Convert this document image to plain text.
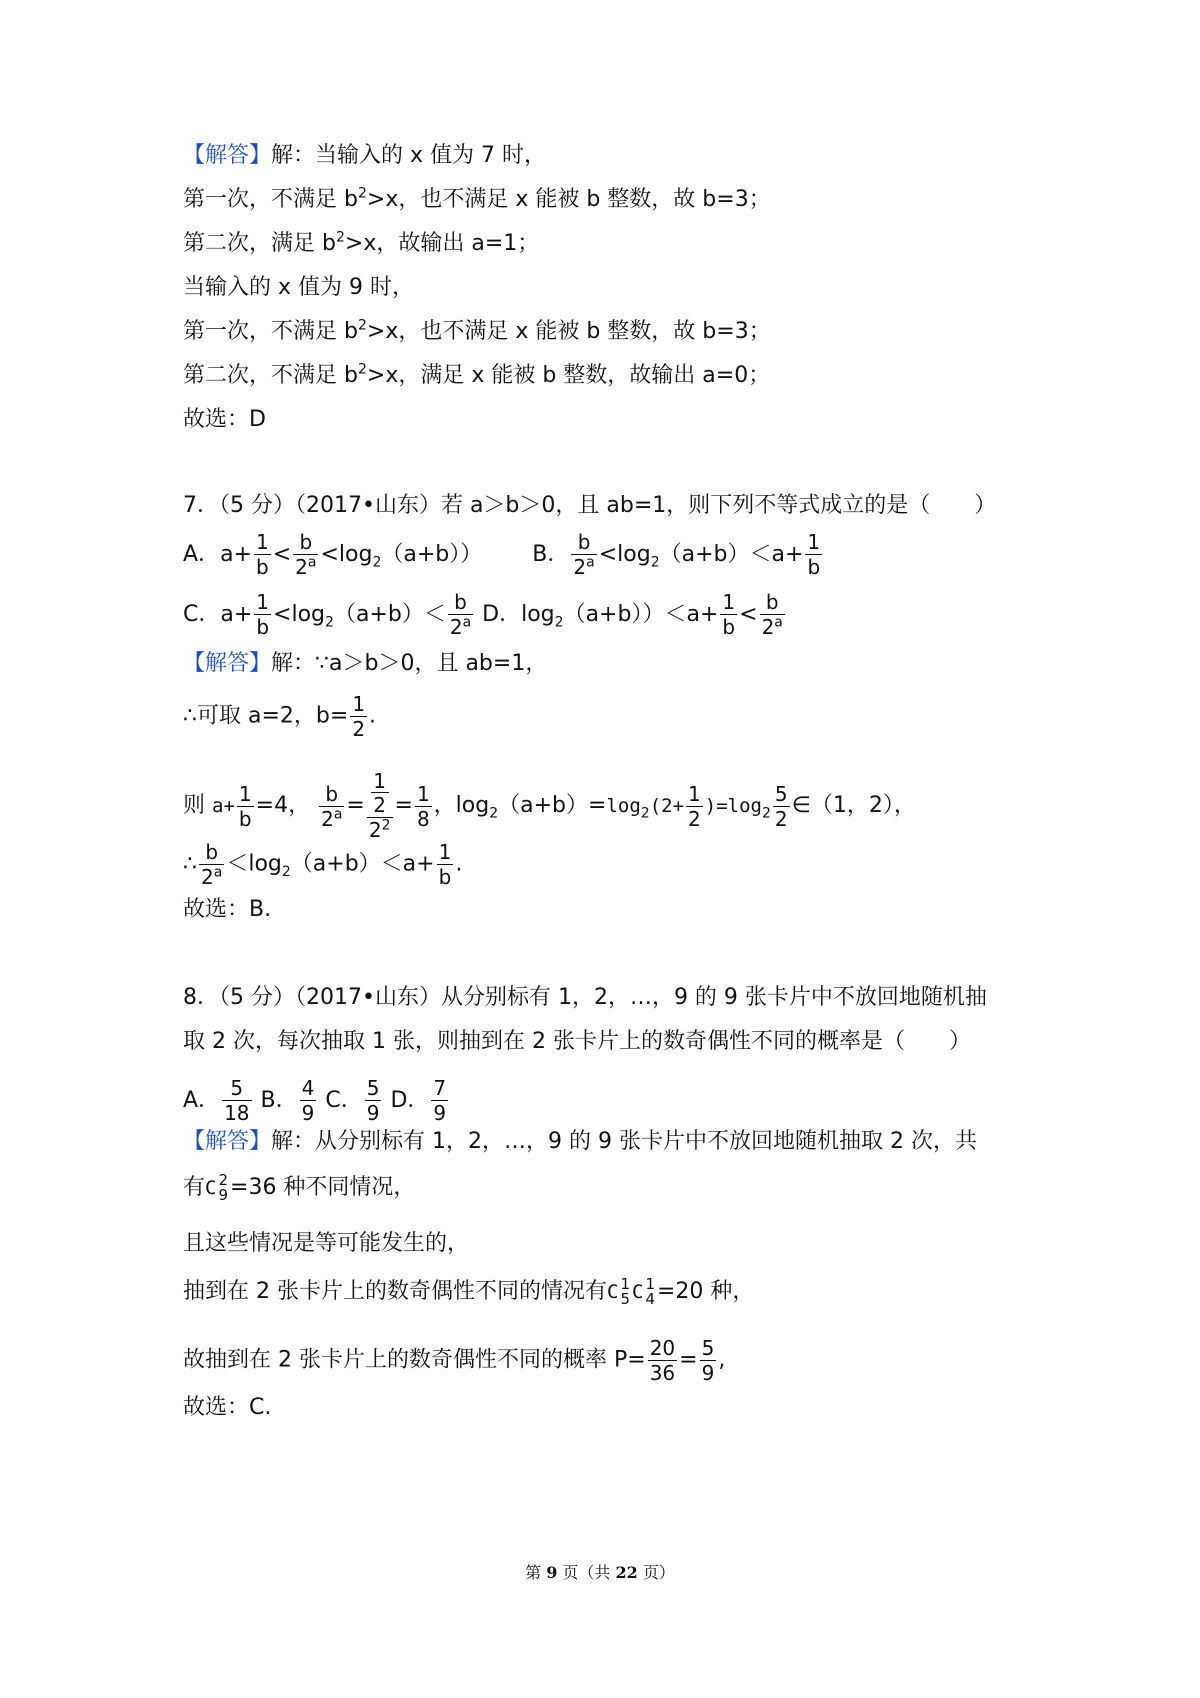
【解答】解：当输入的 x 值为 7 时，
第一次，不满足 $b^2>x$，也不满足 x 能被 b 整数，故 b=3；
第二次，满足 $b^2>x$，故输出 a=1；
当输入的 x 值为 9 时，
第一次，不满足 $b^2>x$，也不满足 x 能被 b 整数，故 b=3；
第二次，不满足 $b^2>x$，满足 x 能被 b 整数，故输出 a=0；
故选：D
7．（5 分）（2017•山东）若 a＞b＞0，且 ab=1，则下列不等式成立的是（　　）
A．$a+ \frac{1}{b} < \frac{b}{2^a} <\log_2(a+b)$） B． $\frac{b}{2^a} <\log_2(a+b)<a+ \frac{1}{b}$
C．$a+ \frac{1}{b} <\log_2(a+b)< \frac{b}{2^a}$ D．$\log_2(a+b))<a+ \frac{1}{b} < \frac{b}{2^a}$
【解答】解：∵a＞b＞0，且 ab=1，
∴可取 a=2，$b= \frac{1}{2}$ .
则 $a+ \frac{1}{b} =4$， $\frac{b}{2^a} = 1$
2
$2^2 = \frac{1}{8}$ ，$\log_2(a+b)=\log_2(2+ \frac{1}{2} )=\log_2 \frac{5}{2}$ ∈（1，2），
∴ $\frac{b}{2^a} <\log_2(a+b)<a+ \frac{1}{b}$ .
故选：B.
8．（5 分）（2017•山东）从分别标有 1，2，…，9 的 9 张卡片中不放回地随机抽
取 2 次，每次抽取 1 张，则抽到在 2 张卡片上的数奇偶性不同的概率是（　　）
A． $\frac{5}{18}$ B． $\frac{4}{9}$ C． $\frac{5}{9}$ D． $\frac{7}{9}$
【解答】解：从分别标有 1，2，…，9 的 9 张卡片中不放回地随机抽取 2 次，共
有C 2
9 =36 种不同情况，
且这些情况是等可能发生的，
抽到在 2 张卡片上的数奇偶性不同的情况有C 1
5 C 1
4 =20 种，
故抽到在 2 张卡片上的数奇偶性不同的概率 $P= \frac{20}{36} = \frac{5}{9}$ ,
故选：C.
第 9 页（共 22 页）
